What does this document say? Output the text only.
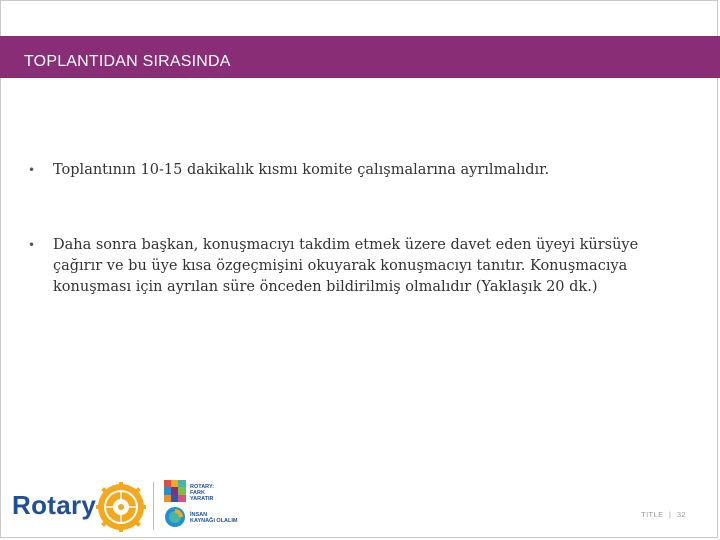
TOPLANTIDAN SIRASINDA
• Toplantının 10-15 dakikalık kısmı komite çalışmalarına ayrılmalıdır.
• Daha sonra başkan, konuşmacıyı takdim etmek üzere davet eden üyeyi kürsüye çağırır ve bu üye kısa özgeçmişini okuyarak konuşmacıyı tanıtır. Konuşmacıya konuşması için ayrılan süre önceden bildirilmiş olmalıdır (Yaklaşık 20 dk.)
Rotary
ROTARY:
FARK
YARATIR
İNSAN
KAYNAĞI OLALIM
TITLE | 32
